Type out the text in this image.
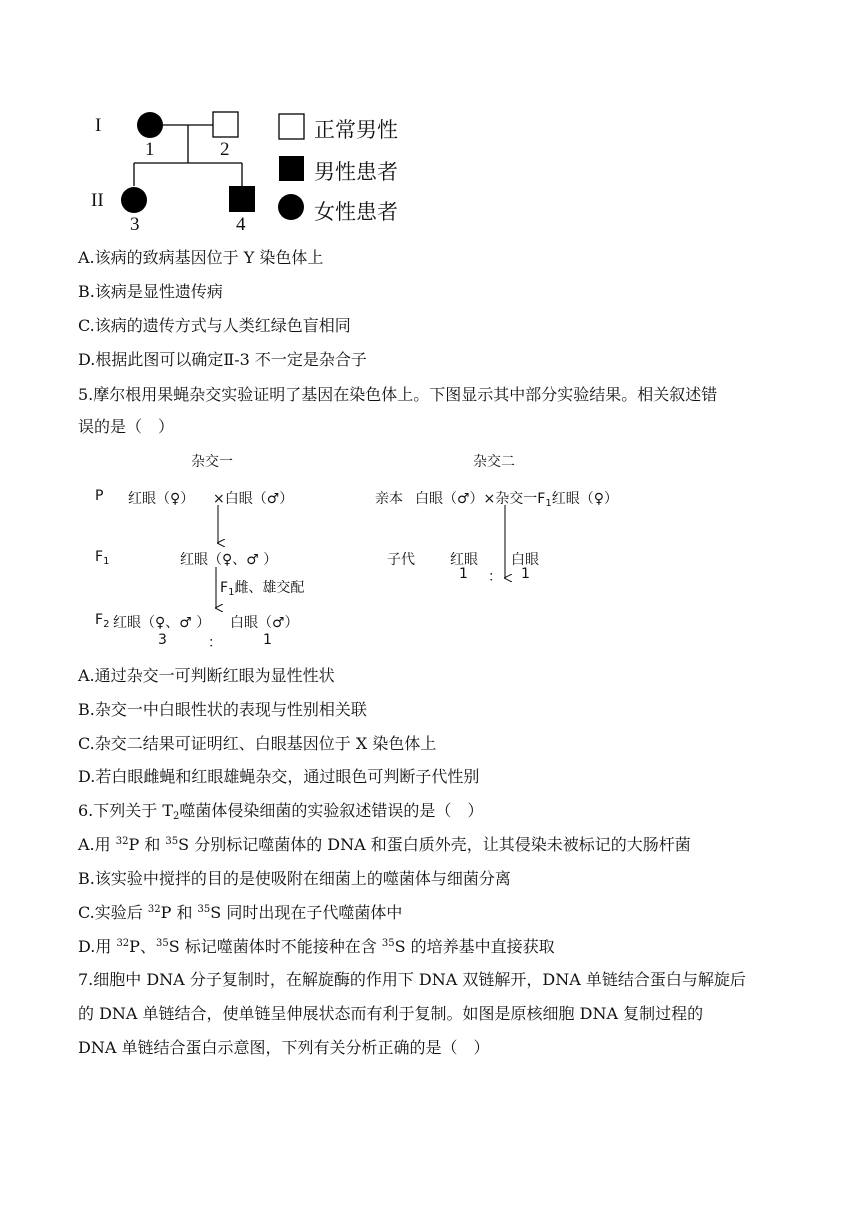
I
II
1	2
3	4
正常男性
男性患者
女性患者
A.该病的致病基因位于 Y 染色体上
B.该病是显性遗传病
C.该病的遗传方式与人类红绿色盲相同
D.根据此图可以确定Ⅱ-3 不一定是杂合子
5.摩尔根用果蝇杂交实验证明了基因在染色体上。下图显示其中部分实验结果。相关叙述错
误的是（　）
杂交一	杂交二
P 红眼（♀） ×白眼（♂）
$F_1$	红眼（♀、♂ ）
$F_1$雌、雄交配
$F_2$ 红眼（♀、♂ ） 白眼（♂）
3	：	1
亲本 白眼（♂）×杂交一$F_1$红眼（♀）
子代	红眼 白眼
1 ： 1
A.通过杂交一可判断红眼为显性性状
B.杂交一中白眼性状的表现与性别相关联
C.杂交二结果可证明红、白眼基因位于 X 染色体上
D.若白眼雌蝇和红眼雄蝇杂交，通过眼色可判断子代性别
6.下列关于 $T_2$噬菌体侵染细菌的实验叙述错误的是（　）
A.用 $^{32}$P 和 $^{35}$S 分别标记噬菌体的 DNA 和蛋白质外壳，让其侵染未被标记的大肠杆菌
B.该实验中搅拌的目的是使吸附在细菌上的噬菌体与细菌分离
C.实验后 $^{32}$P 和 $^{35}$S 同时出现在子代噬菌体中
D.用 $^{32}$P、$^{35}$S 标记噬菌体时不能接种在含 $^{35}$S 的培养基中直接获取
7.细胞中 DNA 分子复制时，在解旋酶的作用下 DNA 双链解开，DNA 单链结合蛋白与解旋后
的 DNA 单链结合，使单链呈伸展状态而有利于复制。如图是原核细胞 DNA 复制过程的
DNA 单链结合蛋白示意图，下列有关分析正确的是（　）
